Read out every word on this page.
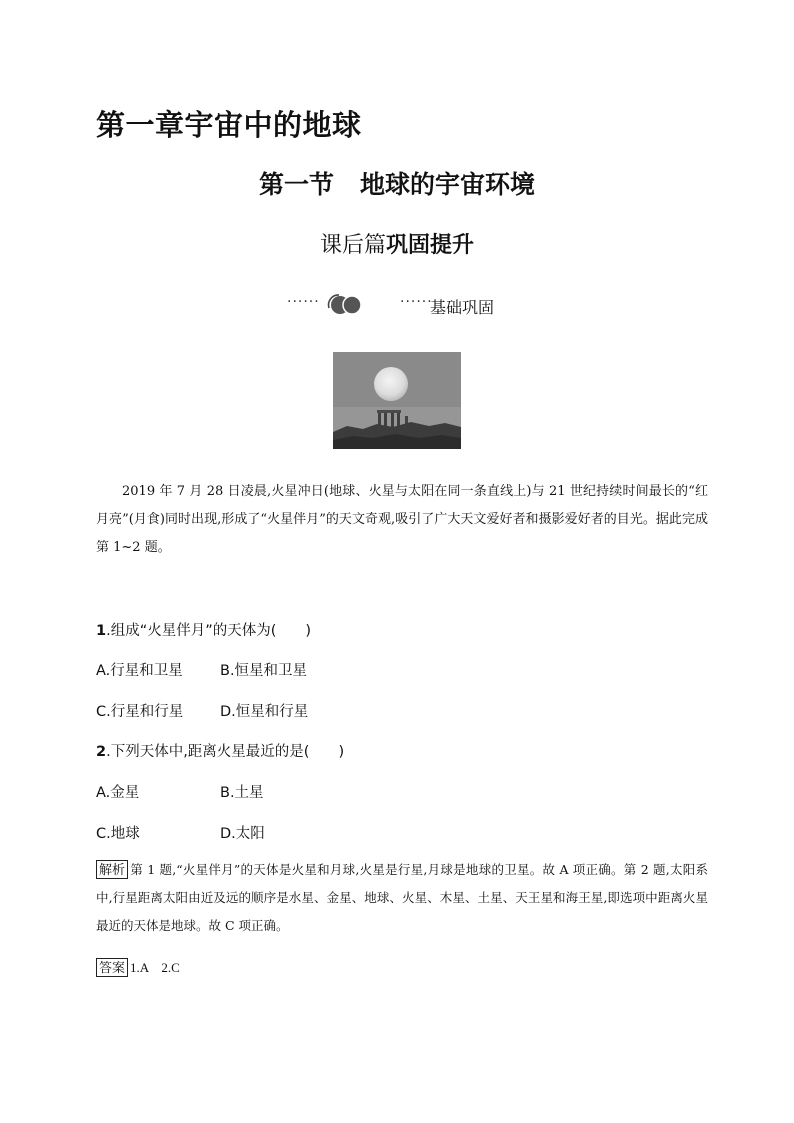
第一章宇宙中的地球
第一节 地球的宇宙环境
课后篇巩固提升
······	······
基础巩固
2019 年 7 月 28 日凌晨,火星冲日(地球、火星与太阳在同一条直线上)与 21 世纪持续时间最长的“红月亮”(月食)同时出现,形成了“火星伴月”的天文奇观,吸引了广大天文爱好者和摄影爱好者的目光。据此完成第 1~2 题。
1.组成“火星伴月”的天体为(　　)
A.行星和卫星	B.恒星和卫星
C.行星和行星	D.恒星和行星
2.下列天体中,距离火星最近的是(　　)
A.金星	B.土星
C.地球	D.太阳
解析 第 1 题,“火星伴月”的天体是火星和月球,火星是行星,月球是地球的卫星。故 A 项正确。第 2 题,太阳系中,行星距离太阳由近及远的顺序是水星、金星、地球、火星、木星、土星、天王星和海王星,即选项中距离火星最近的天体是地球。故 C 项正确。
答案 1.A　2.C
